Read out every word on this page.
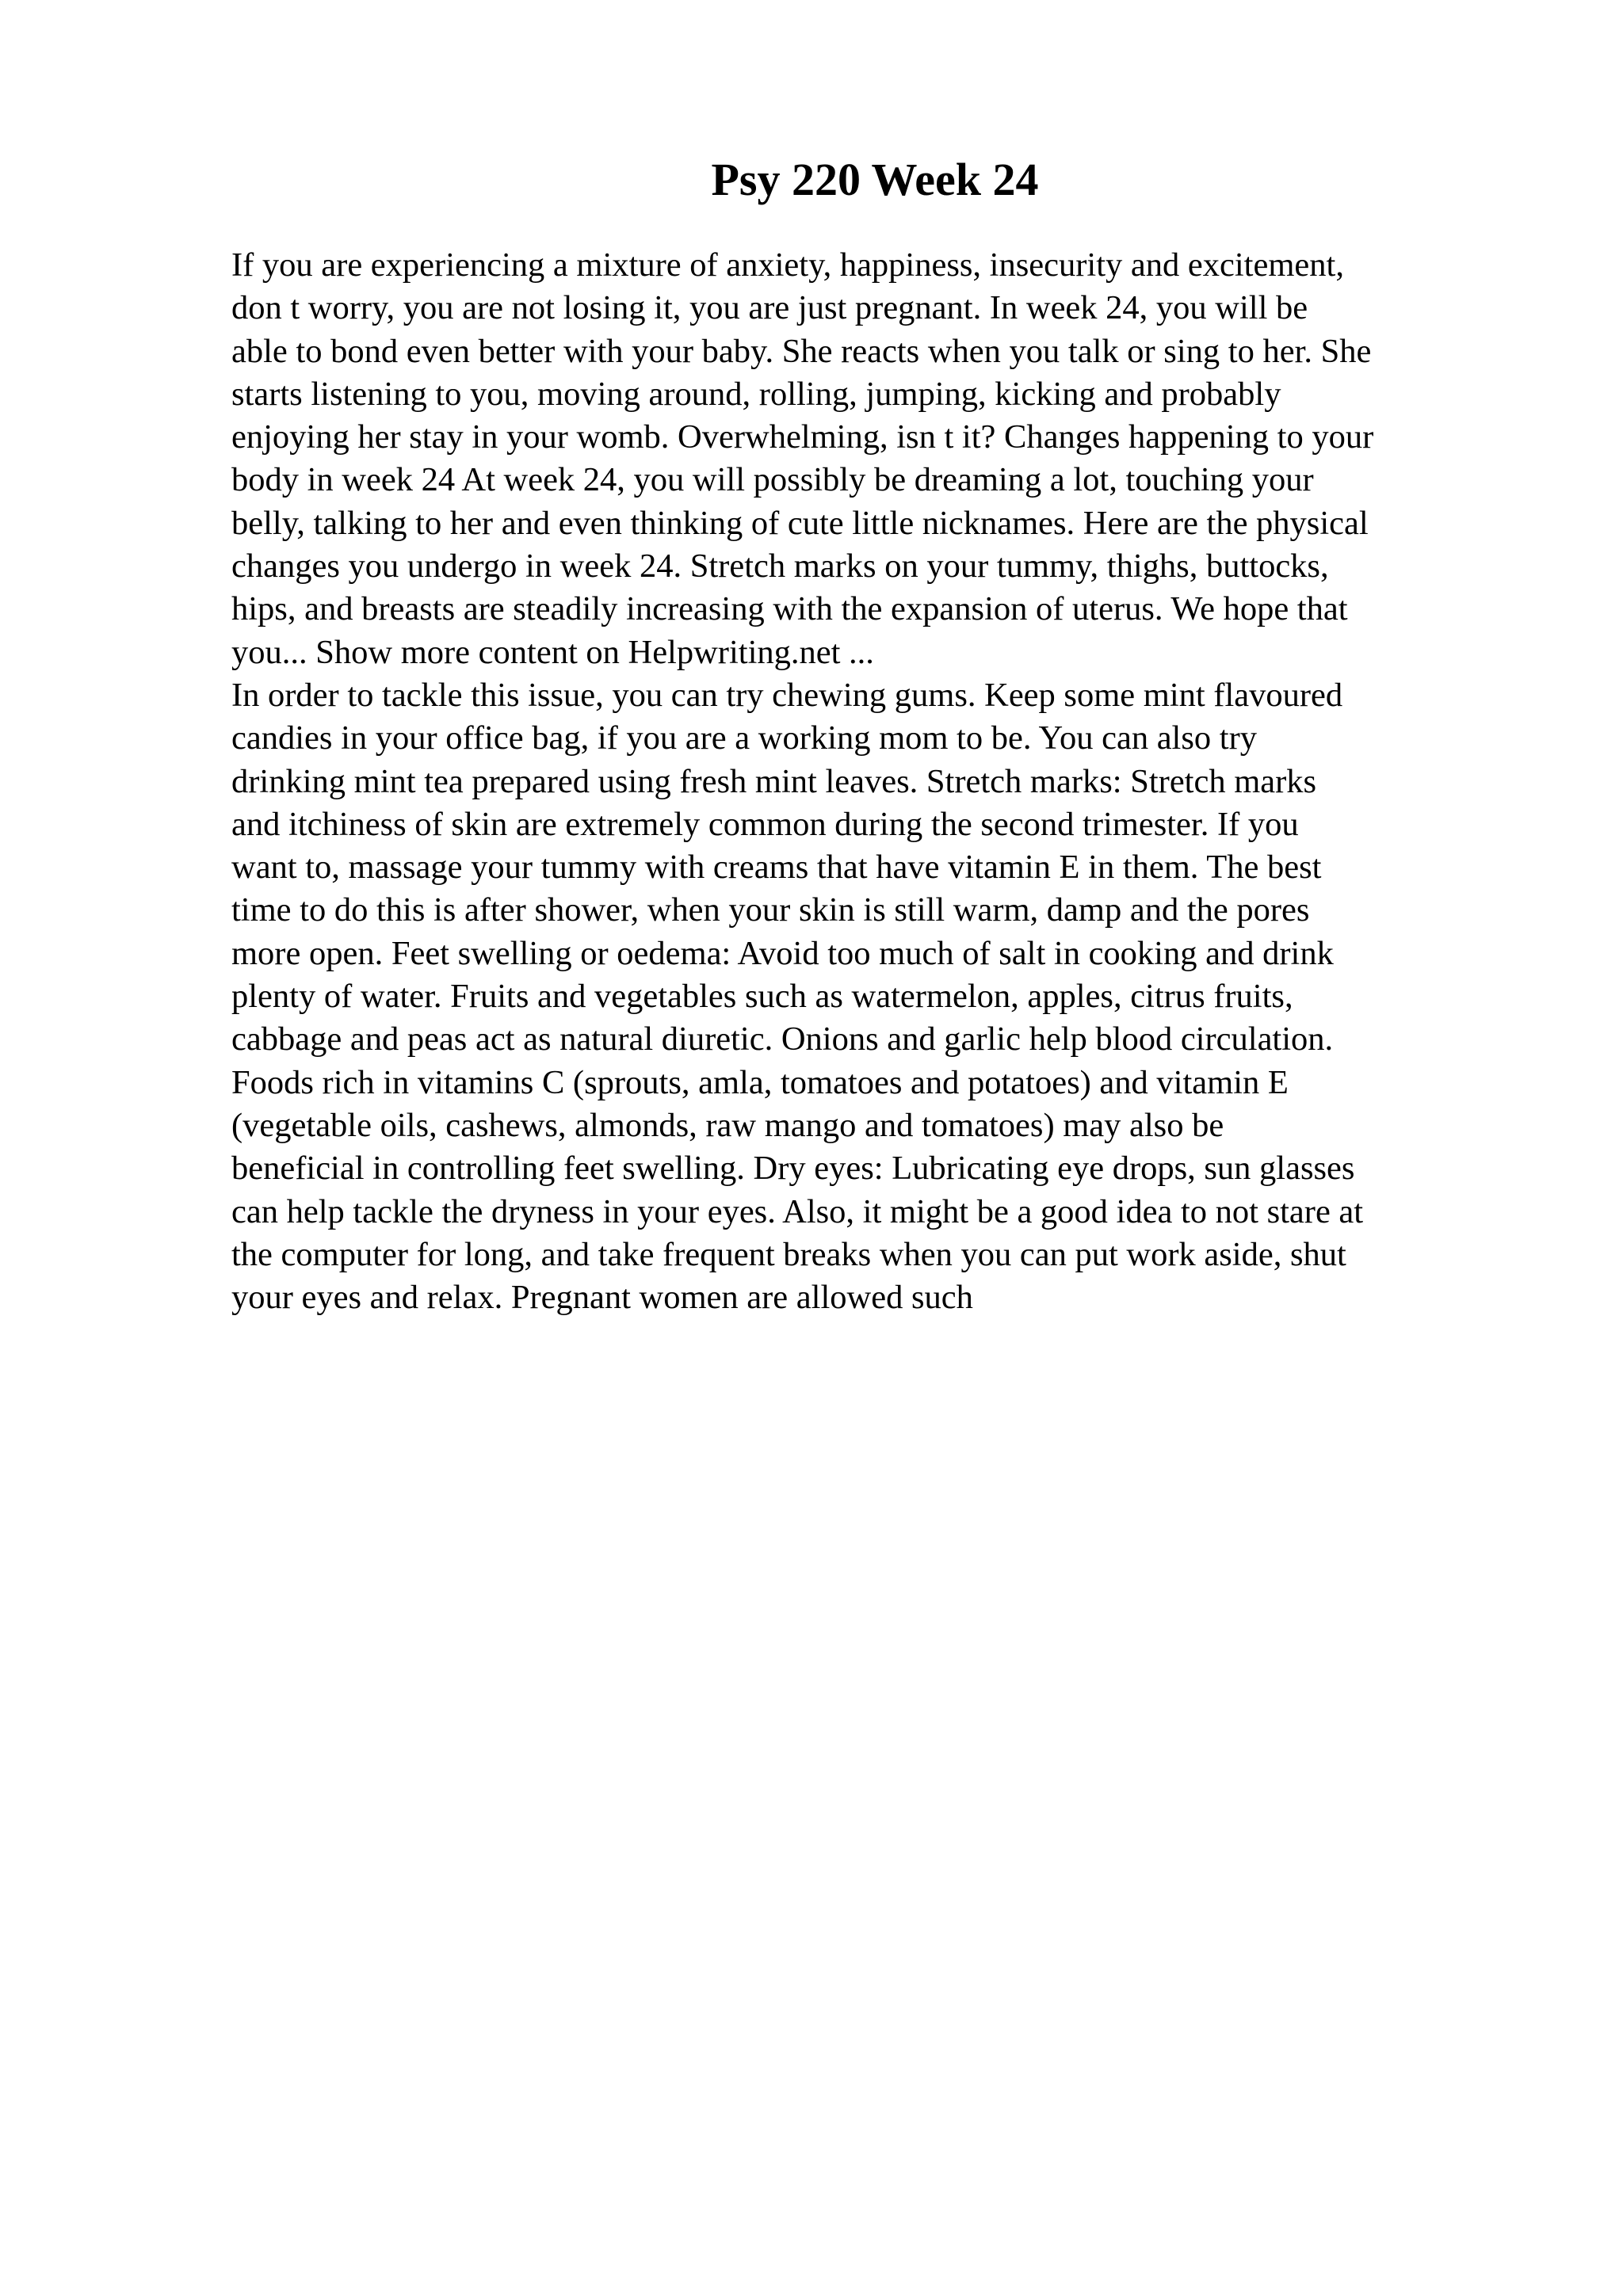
Psy 220 Week 24
If you are experiencing a mixture of anxiety, happiness, insecurity and excitement,
don t worry, you are not losing it, you are just pregnant. In week 24, you will be
able to bond even better with your baby. She reacts when you talk or sing to her. She
starts listening to you, moving around, rolling, jumping, kicking and probably
enjoying her stay in your womb. Overwhelming, isn t it? Changes happening to your
body in week 24 At week 24, you will possibly be dreaming a lot, touching your
belly, talking to her and even thinking of cute little nicknames. Here are the physical
changes you undergo in week 24. Stretch marks on your tummy, thighs, buttocks,
hips, and breasts are steadily increasing with the expansion of uterus. We hope that
you... Show more content on Helpwriting.net ...
In order to tackle this issue, you can try chewing gums. Keep some mint flavoured
candies in your office bag, if you are a working mom to be. You can also try
drinking mint tea prepared using fresh mint leaves. Stretch marks: Stretch marks
and itchiness of skin are extremely common during the second trimester. If you
want to, massage your tummy with creams that have vitamin E in them. The best
time to do this is after shower, when your skin is still warm, damp and the pores
more open. Feet swelling or oedema: Avoid too much of salt in cooking and drink
plenty of water. Fruits and vegetables such as watermelon, apples, citrus fruits,
cabbage and peas act as natural diuretic. Onions and garlic help blood circulation.
Foods rich in vitamins C (sprouts, amla, tomatoes and potatoes) and vitamin E
(vegetable oils, cashews, almonds, raw mango and tomatoes) may also be
beneficial in controlling feet swelling. Dry eyes: Lubricating eye drops, sun glasses
can help tackle the dryness in your eyes. Also, it might be a good idea to not stare at
the computer for long, and take frequent breaks when you can put work aside, shut
your eyes and relax. Pregnant women are allowed such
